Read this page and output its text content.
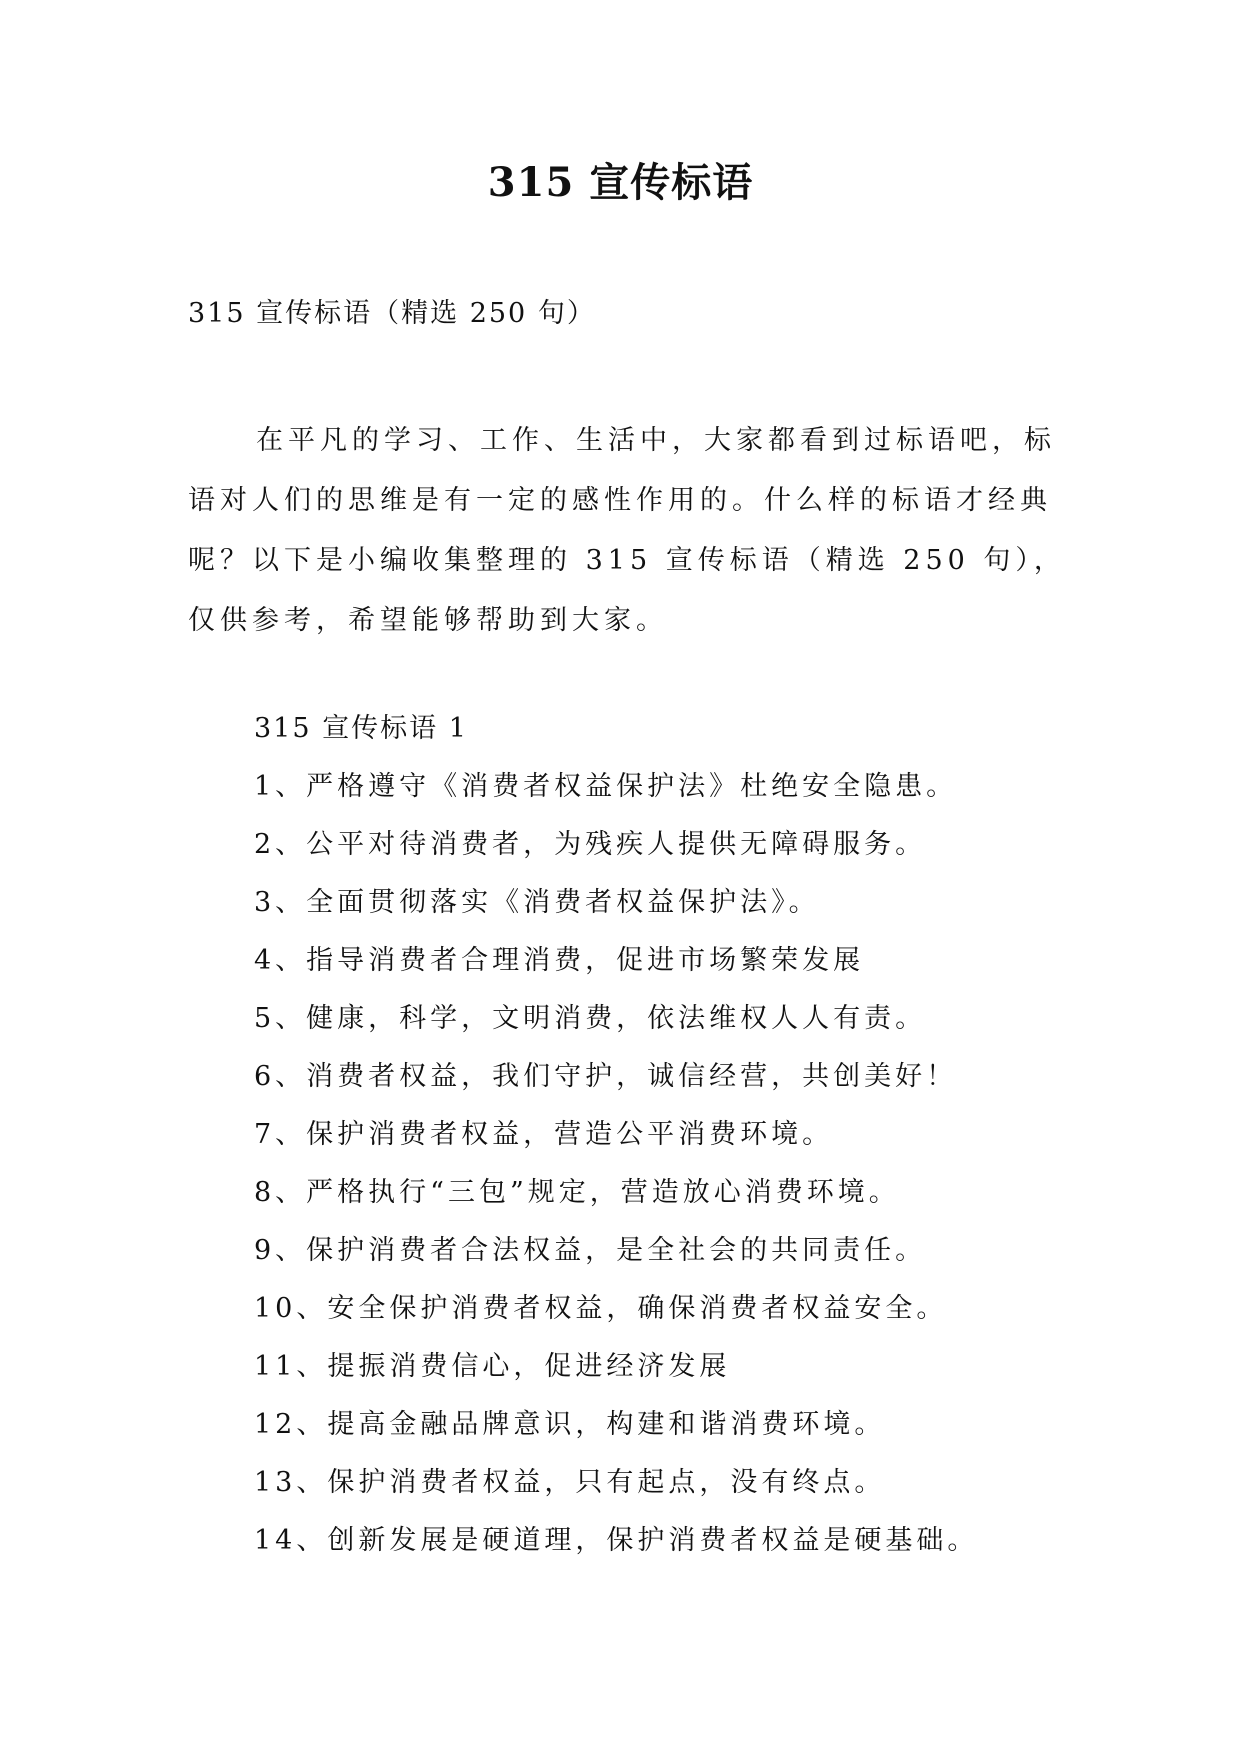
315 宣传标语

315 宣传标语（精选 250 句）

在平凡的学习、工作、生活中，大家都看到过标语吧，标语对人们的思维是有一定的感性作用的。什么样的标语才经典呢？以下是小编收集整理的 315 宣传标语（精选 250 句），仅供参考，希望能够帮助到大家。

315 宣传标语 1

1、严格遵守《消费者权益保护法》杜绝安全隐患。
2、公平对待消费者，为残疾人提供无障碍服务。
3、全面贯彻落实《消费者权益保护法》。
4、指导消费者合理消费，促进市场繁荣发展
5、健康，科学，文明消费，依法维权人人有责。
6、消费者权益，我们守护，诚信经营，共创美好！
7、保护消费者权益，营造公平消费环境。
8、严格执行“三包”规定，营造放心消费环境。
9、保护消费者合法权益，是全社会的共同责任。
10、安全保护消费者权益，确保消费者权益安全。
11、提振消费信心，促进经济发展
12、提高金融品牌意识，构建和谐消费环境。
13、保护消费者权益，只有起点，没有终点。
14、创新发展是硬道理，保护消费者权益是硬基础。
